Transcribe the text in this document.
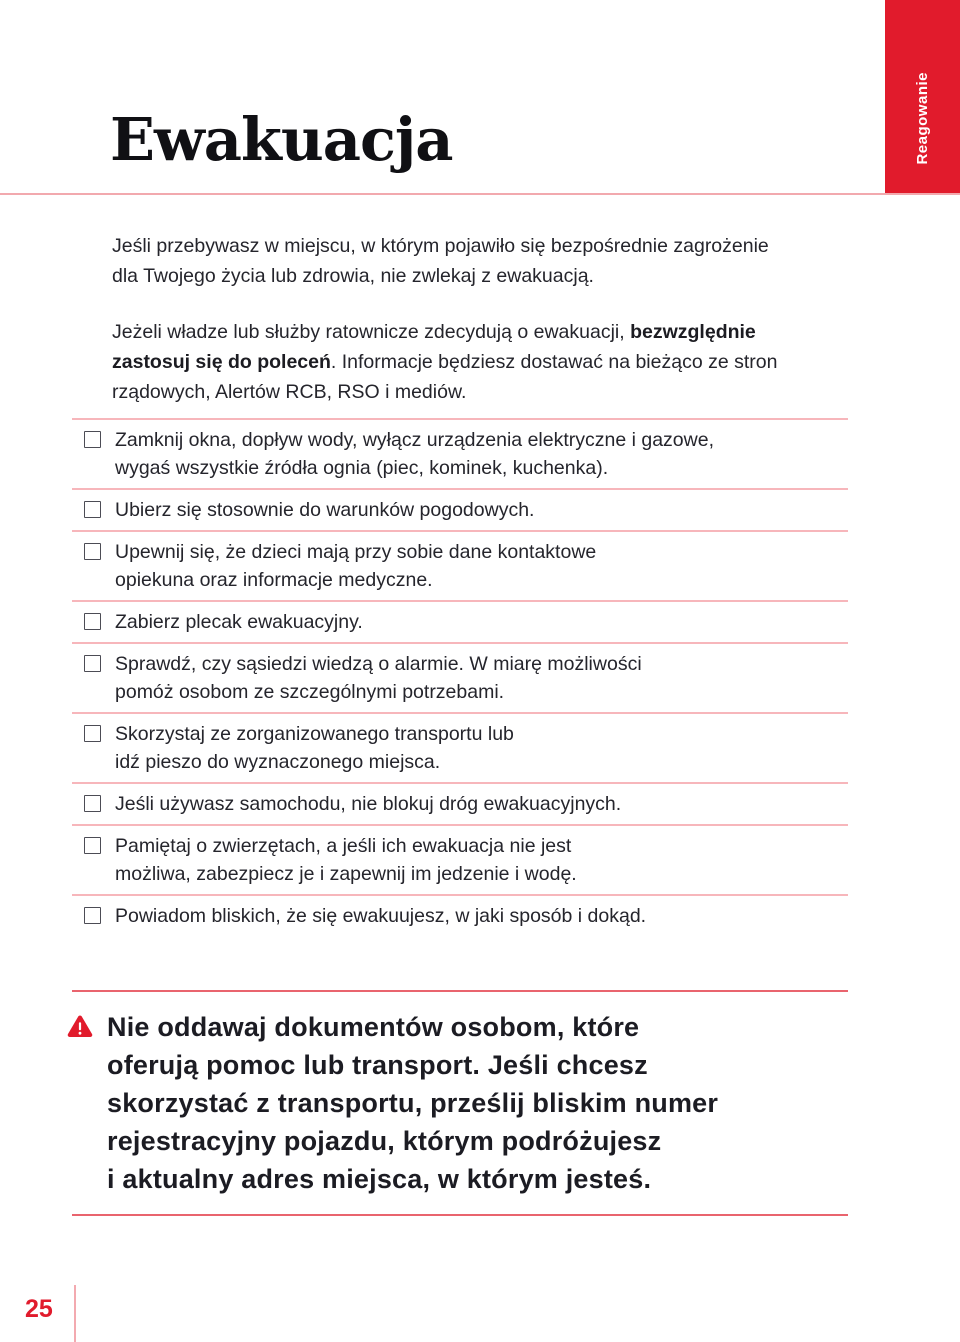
Reagowanie
Ewakuacja
Jeśli przebywasz w miejscu, w którym pojawiło się bezpośrednie zagrożenie
dla Twojego życia lub zdrowia, nie zwlekaj z ewakuacją.
Jeżeli władze lub służby ratownicze zdecydują o ewakuacji, bezwzględnie
zastosuj się do poleceń. Informacje będziesz dostawać na bieżąco ze stron
rządowych, Alertów RCB, RSO i mediów.
Zamknij okna, dopływ wody, wyłącz urządzenia elektryczne i gazowe,
wygaś wszystkie źródła ognia (piec, kominek, kuchenka).
Ubierz się stosownie do warunków pogodowych.
Upewnij się, że dzieci mają przy sobie dane kontaktowe
opiekuna oraz informacje medyczne.
Zabierz plecak ewakuacyjny.
Sprawdź, czy sąsiedzi wiedzą o alarmie. W miarę możliwości
pomóż osobom ze szczególnymi potrzebami.
Skorzystaj ze zorganizowanego transportu lub
idź pieszo do wyznaczonego miejsca.
Jeśli używasz samochodu, nie blokuj dróg ewakuacyjnych.
Pamiętaj o zwierzętach, a jeśli ich ewakuacja nie jest
możliwa, zabezpiecz je i zapewnij im jedzenie i wodę.
Powiadom bliskich, że się ewakuujesz, w jaki sposób i dokąd.
Nie oddawaj dokumentów osobom, które
oferują pomoc lub transport. Jeśli chcesz
skorzystać z transportu, prześlij bliskim numer
rejestracyjny pojazdu, którym podróżujesz
i aktualny adres miejsca, w którym jesteś.
25
